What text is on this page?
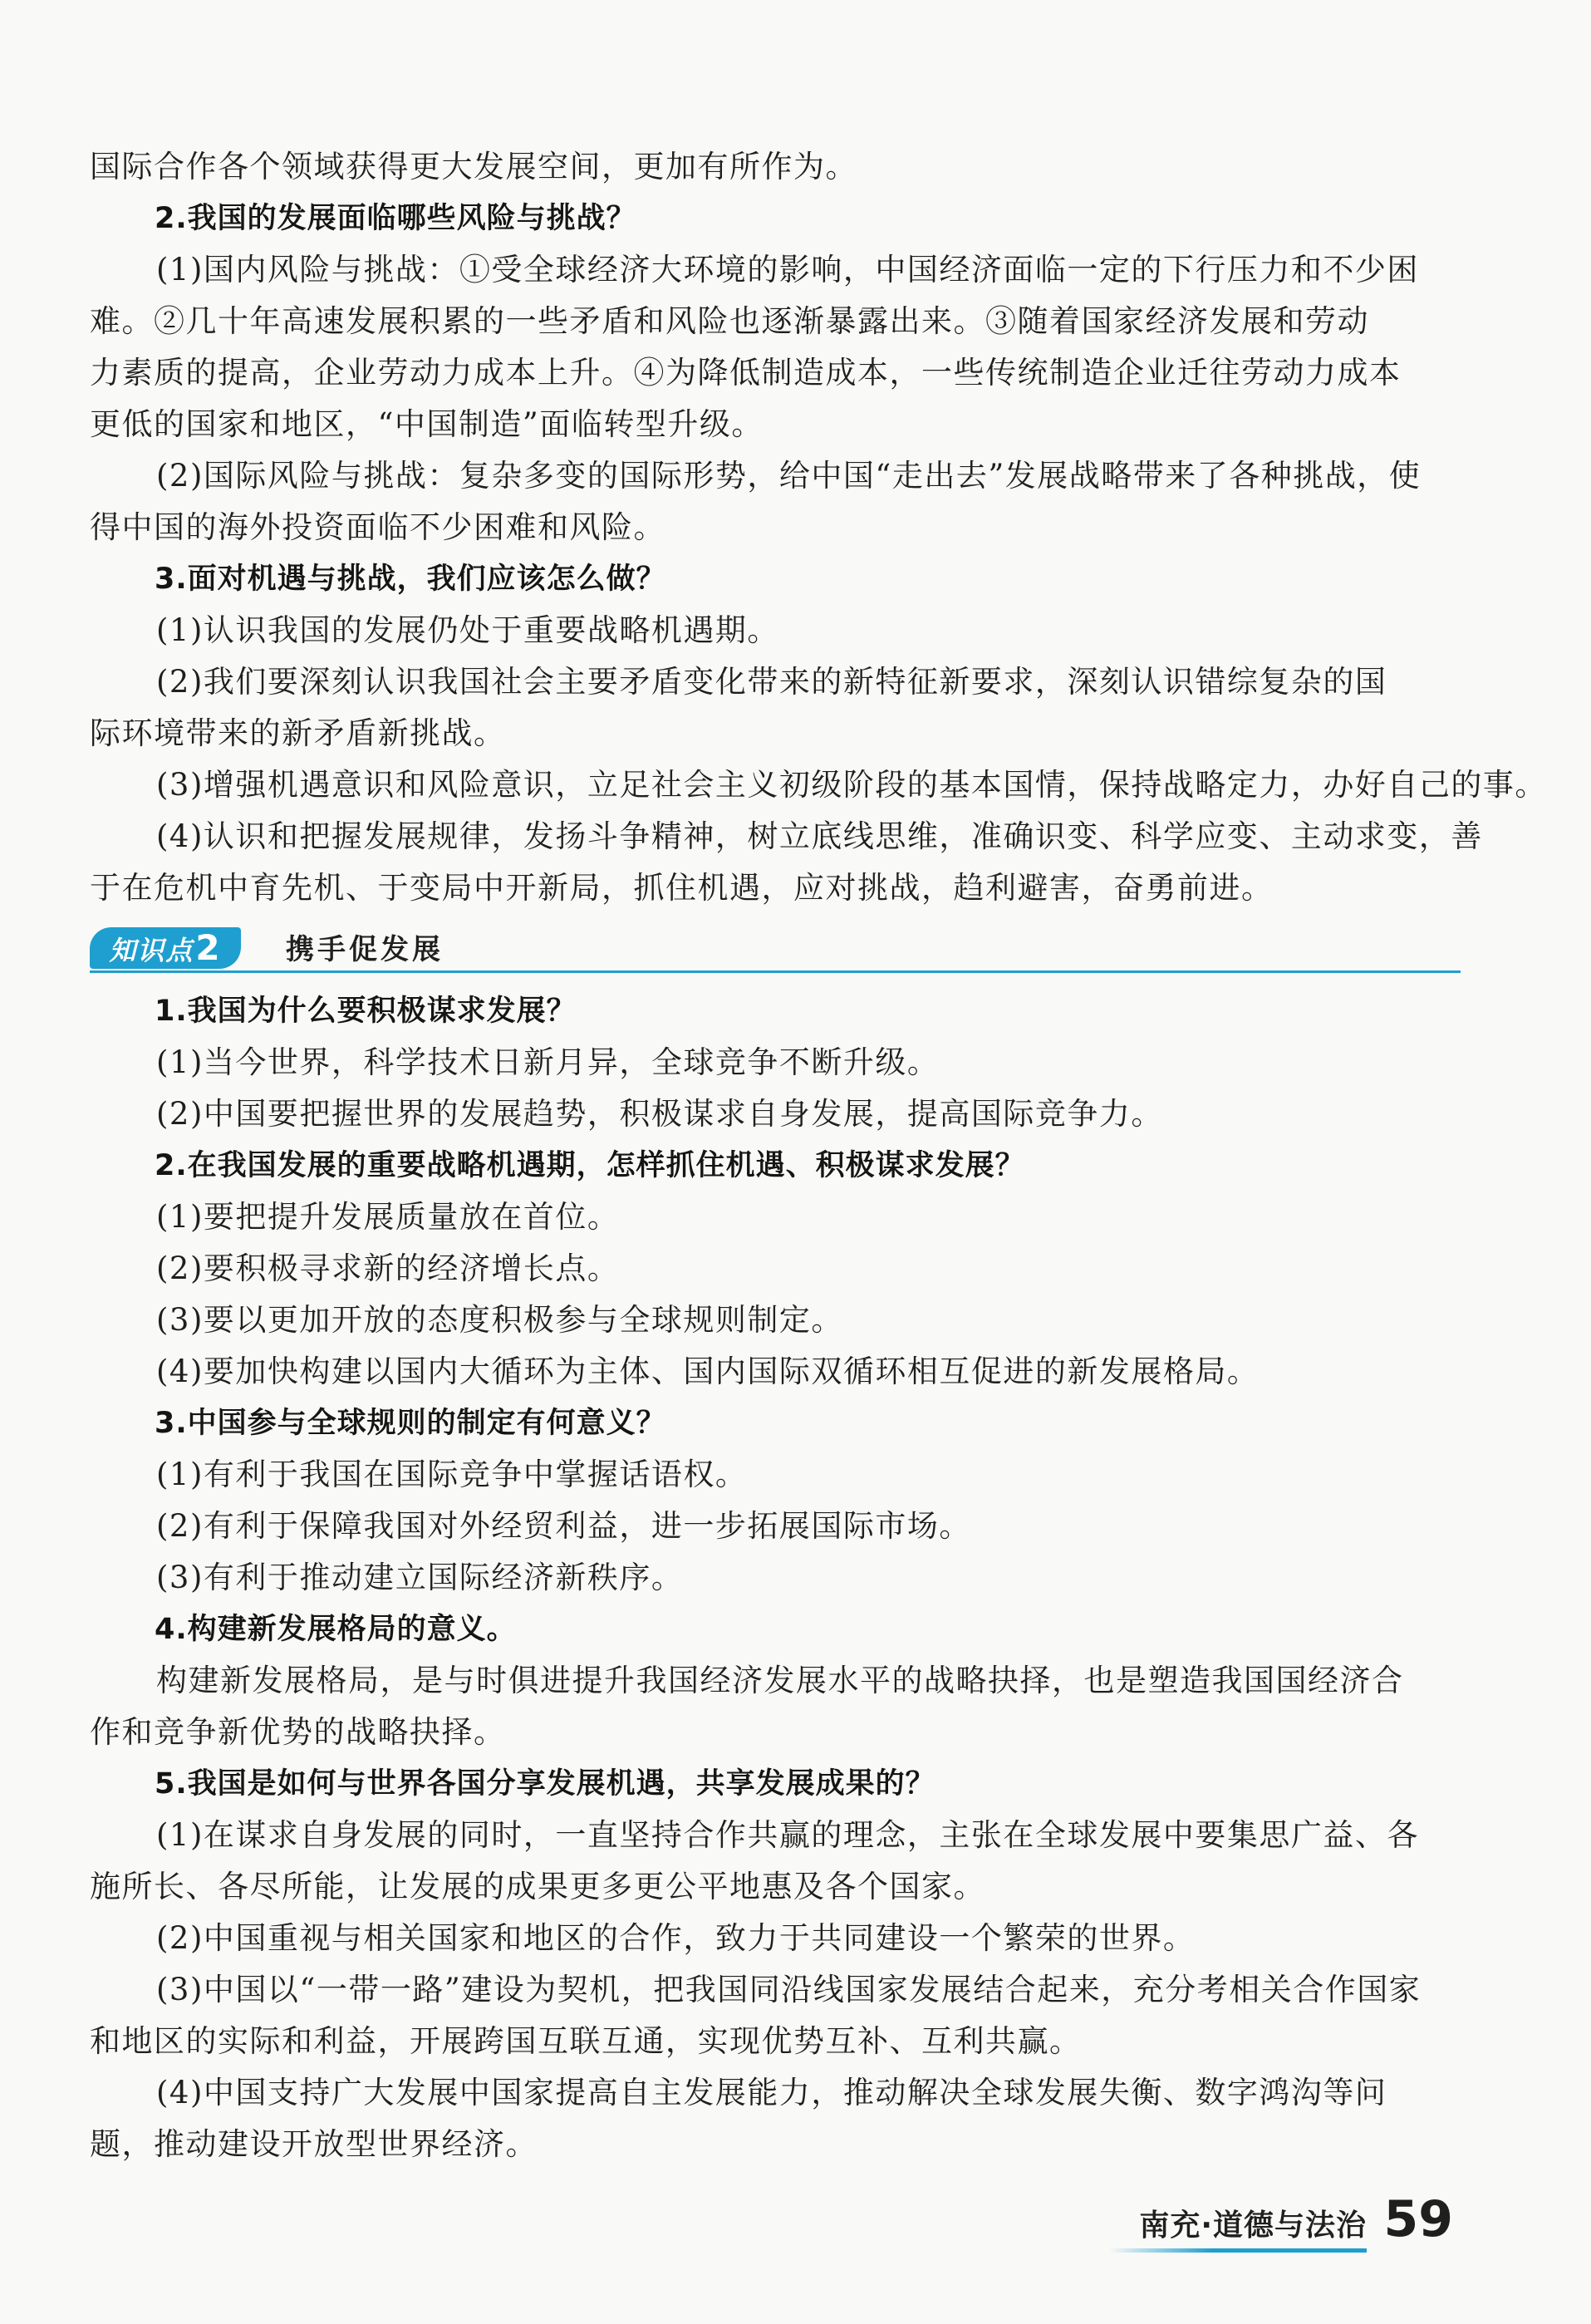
国际合作各个领域获得更大发展空间，更加有所作为。
2.我国的发展面临哪些风险与挑战？
(1)国内风险与挑战：①受全球经济大环境的影响，中国经济面临一定的下行压力和不少困
难。②几十年高速发展积累的一些矛盾和风险也逐渐暴露出来。③随着国家经济发展和劳动
力素质的提高，企业劳动力成本上升。④为降低制造成本，一些传统制造企业迁往劳动力成本
更低的国家和地区，“中国制造”面临转型升级。
(2)国际风险与挑战：复杂多变的国际形势，给中国“走出去”发展战略带来了各种挑战，使
得中国的海外投资面临不少困难和风险。
3.面对机遇与挑战，我们应该怎么做？
(1)认识我国的发展仍处于重要战略机遇期。
(2)我们要深刻认识我国社会主要矛盾变化带来的新特征新要求，深刻认识错综复杂的国
际环境带来的新矛盾新挑战。
(3)增强机遇意识和风险意识，立足社会主义初级阶段的基本国情，保持战略定力，办好自己的事。
(4)认识和把握发展规律，发扬斗争精神，树立底线思维，准确识变、科学应变、主动求变，善
于在危机中育先机、于变局中开新局，抓住机遇，应对挑战，趋利避害，奋勇前进。
知识点2	携手促发展
1.我国为什么要积极谋求发展？
(1)当今世界，科学技术日新月异，全球竞争不断升级。
(2)中国要把握世界的发展趋势，积极谋求自身发展，提高国际竞争力。
2.在我国发展的重要战略机遇期，怎样抓住机遇、积极谋求发展？
(1)要把提升发展质量放在首位。
(2)要积极寻求新的经济增长点。
(3)要以更加开放的态度积极参与全球规则制定。
(4)要加快构建以国内大循环为主体、国内国际双循环相互促进的新发展格局。
3.中国参与全球规则的制定有何意义？
(1)有利于我国在国际竞争中掌握话语权。
(2)有利于保障我国对外经贸利益，进一步拓展国际市场。
(3)有利于推动建立国际经济新秩序。
4.构建新发展格局的意义。
构建新发展格局，是与时俱进提升我国经济发展水平的战略抉择，也是塑造我国国经济合
作和竞争新优势的战略抉择。
5.我国是如何与世界各国分享发展机遇，共享发展成果的？
(1)在谋求自身发展的同时，一直坚持合作共赢的理念，主张在全球发展中要集思广益、各
施所长、各尽所能，让发展的成果更多更公平地惠及各个国家。
(2)中国重视与相关国家和地区的合作，致力于共同建设一个繁荣的世界。
(3)中国以“一带一路”建设为契机，把我国同沿线国家发展结合起来，充分考相关合作国家
和地区的实际和利益，开展跨国互联互通，实现优势互补、互利共赢。
(4)中国支持广大发展中国家提高自主发展能力，推动解决全球发展失衡、数字鸿沟等问
题，推动建设开放型世界经济。
南充·道德与法治 59
